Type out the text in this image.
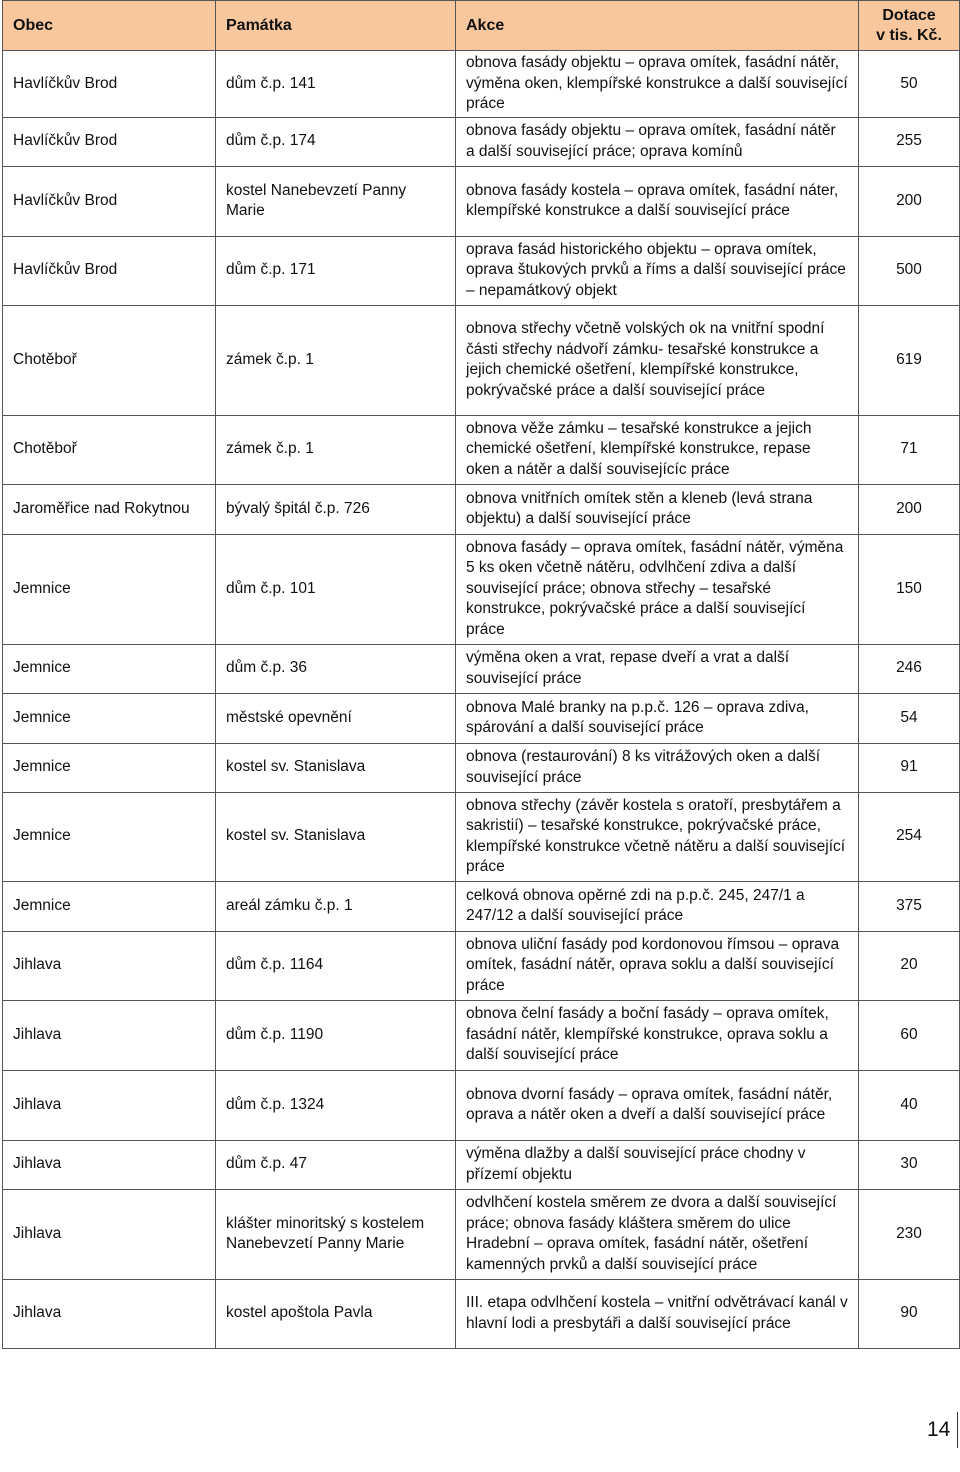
Obec	Památka	Akce	Dotace
v tis. Kč.

Havlíčkův Brod	dům č.p. 141	obnova fasády objektu – oprava omítek, fasádní nátěr, výměna oken, klempířské konstrukce a další související práce	50
Havlíčkův Brod	dům č.p. 174	obnova fasády objektu – oprava omítek, fasádní nátěr a další související práce; oprava komínů	255
Havlíčkův Brod	kostel Nanebevzetí Panny Marie	obnova fasády kostela – oprava omítek, fasádní náter, klempířské konstrukce a další související práce	200
Havlíčkův Brod	dům č.p. 171	oprava fasád historického objektu – oprava omítek, oprava štukových prvků a říms a další související práce – nepamátkový objekt	500
Chotěboř	zámek č.p. 1	obnova střechy včetně volských ok na vnitřní spodní části střechy nádvoří zámku- tesařské konstrukce a jejich chemické ošetření, klempířské konstrukce, pokrývačské práce a další související práce	619
Chotěboř	zámek č.p. 1	obnova věže zámku – tesařské konstrukce a jejich chemické ošetření, klempířské konstrukce, repase oken a nátěr a další souvisejícíc práce	71
Jaroměřice nad Rokytnou	bývalý špitál č.p. 726	obnova vnitřních omítek stěn a kleneb (levá strana objektu) a další související práce	200
Jemnice	dům č.p. 101	obnova fasády – oprava omítek, fasádní nátěr, výměna 5 ks oken včetně nátěru, odvlhčení zdiva a další související práce; obnova střechy – tesařské konstrukce, pokrývačské práce a další související práce	150
Jemnice	dům č.p. 36	výměna oken a vrat, repase dveří a vrat a další související práce	246
Jemnice	městské opevnění	obnova Malé branky na p.p.č. 126 – oprava zdiva, spárování a další související práce	54
Jemnice	kostel sv. Stanislava	obnova (restaurování) 8 ks vitrážových oken a další související práce	91
Jemnice	kostel sv. Stanislava	obnova střechy (závěr kostela s oratoří, presbytářem a sakristií) – tesařské konstrukce, pokrývačské práce, klempířské konstrukce včetně nátěru a další související práce	254
Jemnice	areál zámku č.p. 1	celková obnova opěrné zdi na p.p.č. 245, 247/1 a 247/12 a další související práce	375
Jihlava	dům č.p. 1164	obnova uliční fasády pod kordonovou římsou – oprava omítek, fasádní nátěr, oprava soklu a další související práce	20
Jihlava	dům č.p. 1190	obnova čelní fasády a boční fasády – oprava omítek, fasádní nátěr, klempířské konstrukce, oprava soklu a další související práce	60
Jihlava	dům č.p. 1324	obnova dvorní fasády – oprava omítek, fasádní nátěr, oprava a nátěr oken a dveří a další související práce	40
Jihlava	dům č.p. 47	výměna dlažby a další související práce chodny v přízemí objektu	30
Jihlava	klášter minoritský s kostelem Nanebevzetí Panny Marie	odvlhčení kostela směrem ze dvora a další související práce; obnova fasády kláštera směrem do ulice Hradební – oprava omítek, fasádní nátěr, ošetření kamenných prvků a další související práce	230
Jihlava	kostel apoštola Pavla	III. etapa odvlhčení kostela – vnitřní odvětrávací kanál v hlavní lodi a presbytáři a další související práce	90
14
